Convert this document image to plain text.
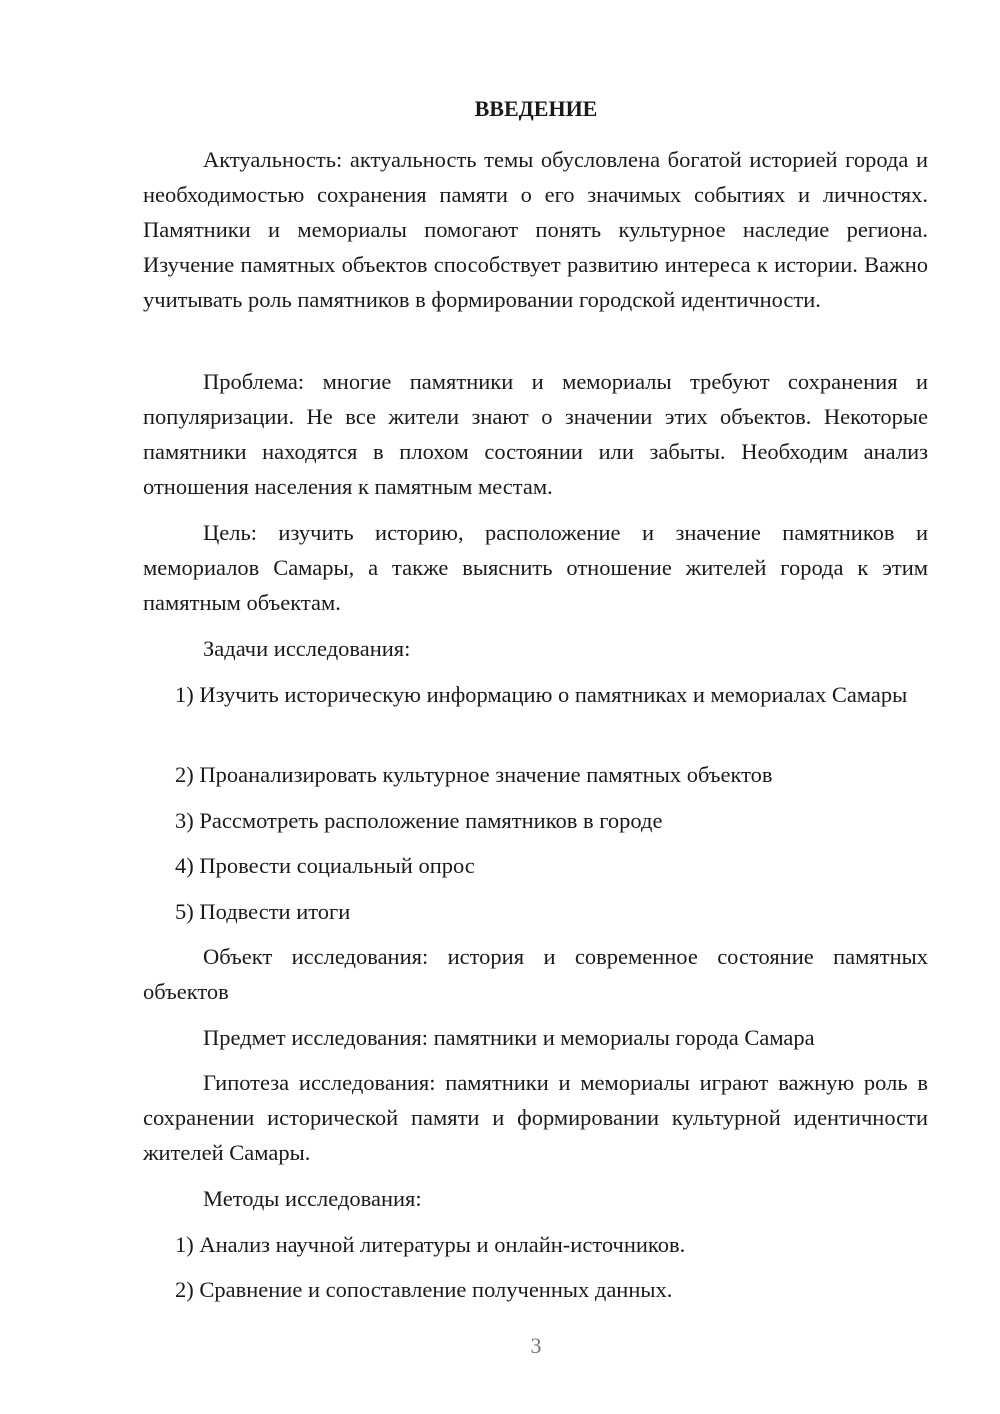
ВВЕДЕНИЕ

Актуальность: актуальность темы обусловлена богатой историей города и необходимостью сохранения памяти о его значимых событиях и личностях. Памятники и мемориалы помогают понять культурное наследие региона. Изучение памятных объектов способствует развитию интереса к истории. Важно учитывать роль памятников в формировании городской идентичности.

Проблема: многие памятники и мемориалы требуют сохранения и популяризации. Не все жители знают о значении этих объектов. Некоторые памятники находятся в плохом состоянии или забыты. Необходим анализ отношения населения к памятным местам.

Цель: изучить историю, расположение и значение памятников и мемориалов Самары, а также выяснить отношение жителей города к этим памятным объектам.

Задачи исследования:

1) Изучить историческую информацию о памятниках и мемориалах Самары

2) Проанализировать культурное значение памятных объектов

3) Рассмотреть расположение памятников в городе

4) Провести социальный опрос

5) Подвести итоги

Объект исследования: история и современное состояние памятных объектов

Предмет исследования: памятники и мемориалы города Самара

Гипотеза исследования: памятники и мемориалы играют важную роль в сохранении исторической памяти и формировании культурной идентичности жителей Самары.

Методы исследования:

1) Анализ научной литературы и онлайн-источников.

2) Сравнение и сопоставление полученных данных.

3
